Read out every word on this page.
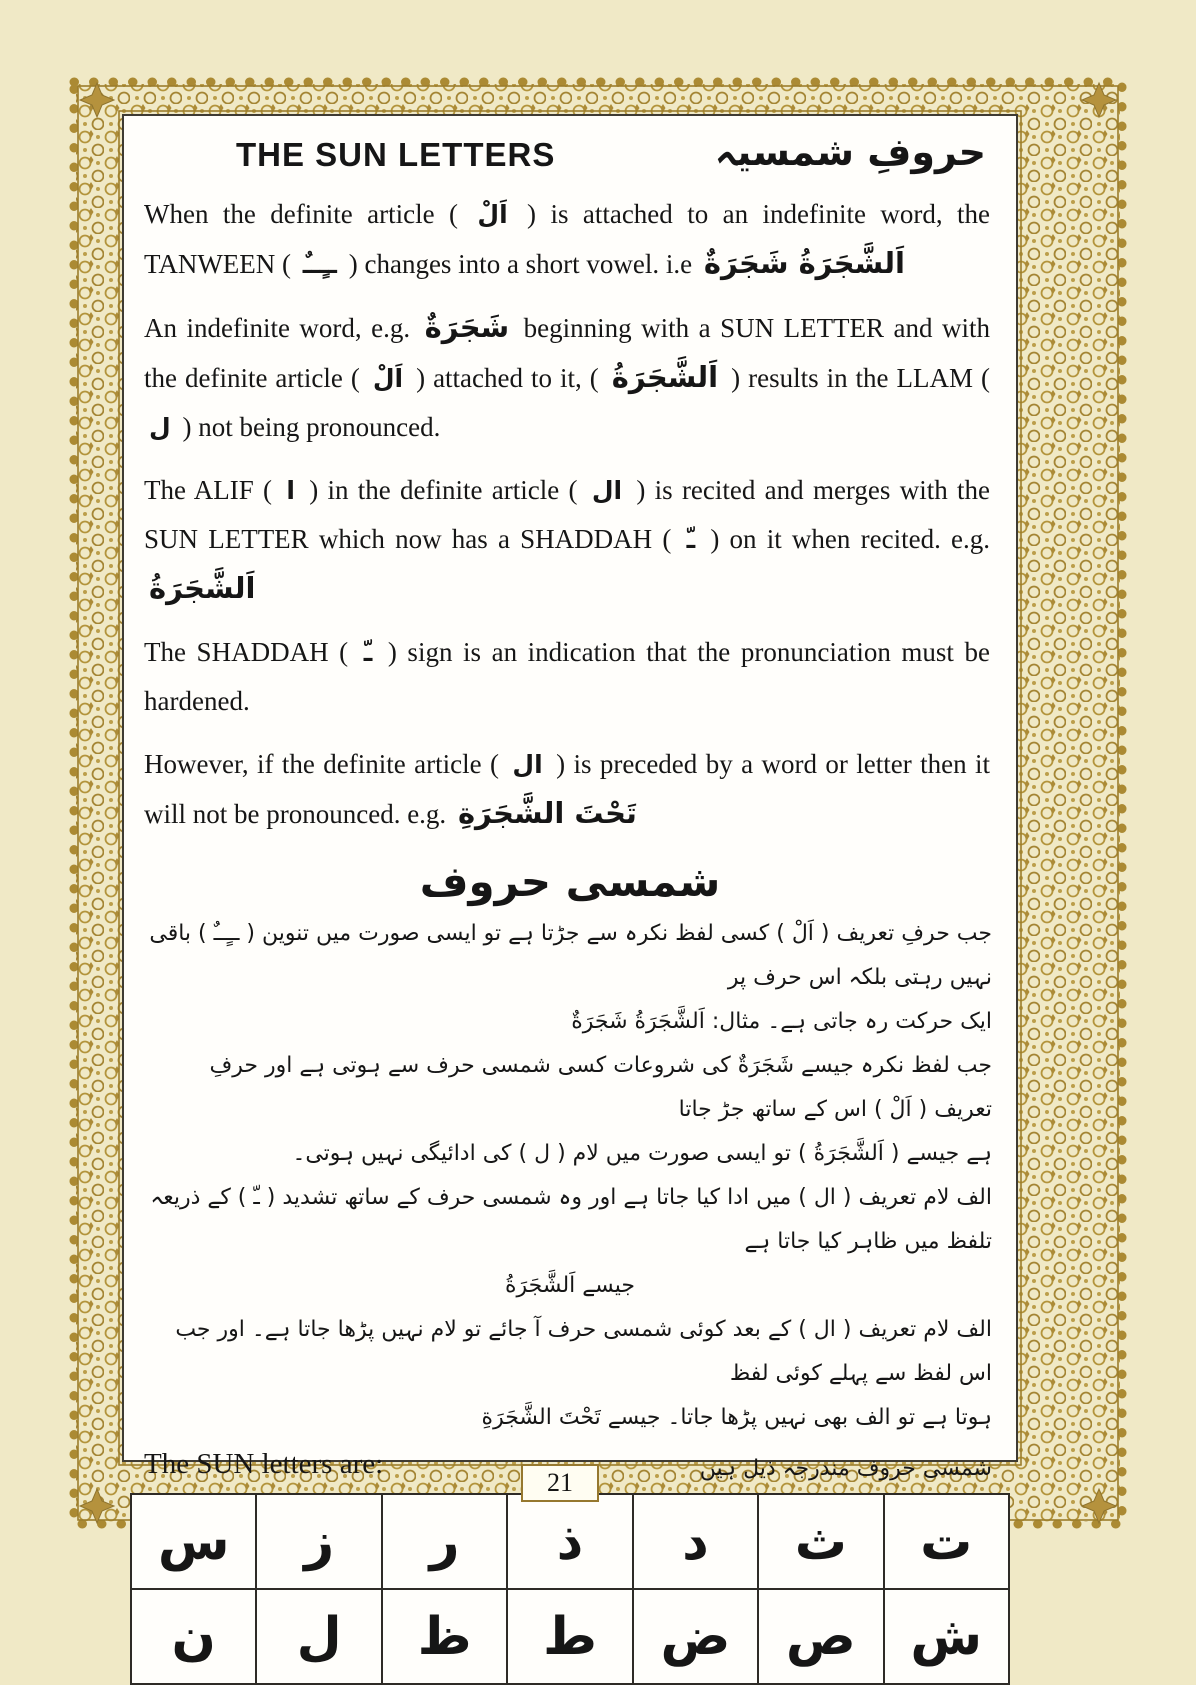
THE SUN LETTERS	حروفِ شمسیہ

When the definite article ( اَلْ ) is attached to an indefinite word, the TANWEEN ( ــٍــٌ ) changes into a short vowel. i.e اَلشَّجَرَةُ شَجَرَةٌ

An indefinite word, e.g. شَجَرَةٌ beginning with a SUN LETTER and with the definite article ( اَلْ ) attached to it, ( اَلشَّجَرَةُ ) results in the LLAM ( ل ) not being pronounced.

The ALIF ( ا ) in the definite article ( ال ) is recited and merges with the SUN LETTER which now has a SHADDAH ( ـّ ) on it when recited. e.g. اَلشَّجَرَةُ

The SHADDAH ( ـّ ) sign is an indication that the pronunciation must be hardened.

However, if the definite article ( ال ) is preceded by a word or letter then it will not be pronounced. e.g. تَحْتَ الشَّجَرَةِ

شمسی حروف
جب حرفِ تعریف ( اَلْ ) کسی لفظ نکرہ سے جڑتا ہے تو ایسی صورت میں تنوین ( ــٍــٌ ) باقی نہیں رہتی بلکہ اس حرف پر
ایک حرکت رہ جاتی ہے۔ مثال: اَلشَّجَرَةُ شَجَرَةٌ
جب لفظ نکرہ جیسے شَجَرَةٌ کی شروعات کسی شمسی حرف سے ہوتی ہے اور حرفِ تعریف ( اَلْ ) اس کے ساتھ جڑ جاتا
ہے جیسے ( اَلشَّجَرَةُ ) تو ایسی صورت میں لام ( ل ) کی ادائیگی نہیں ہوتی۔
الف لام تعریف ( ال ) میں ادا کیا جاتا ہے اور وہ شمسی حرف کے ساتھ تشدید ( ـّ ) کے ذریعہ تلفظ میں ظاہر کیا جاتا ہے
جیسے اَلشَّجَرَةُ
الف لام تعریف ( ال ) کے بعد کوئی شمسی حرف آ جائے تو لام نہیں پڑھا جاتا ہے۔ اور جب اس لفظ سے پہلے کوئی لفظ
ہوتا ہے تو الف بھی نہیں پڑھا جاتا۔ جیسے تَحْتَ الشَّجَرَةِ
The SUN letters are:	شمسی حروف مندرجہ ذیل ہیں
ت	ث	د	ذ	ر	ز	س
ش	ص	ض	ط	ظ	ل	ن
21
